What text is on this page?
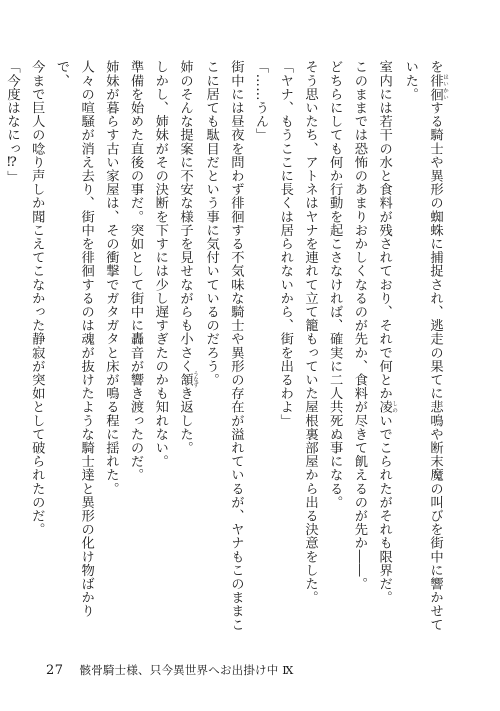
を徘徊 はいかいする騎士や異形の蜘蛛に捕捉され、逃走の果てに悲鳴や断末魔の叫びを街中に響かせていた。

室内には若干の水と食料が残されており、それで何とか凌 しのいでこられたがそれも限界だ。

このままでは恐怖のあまりおかしくなるのが先か、食料が尽きて飢えるのが先か――。

どちらにしても何か行動を起こさなければ、確実に二人共死ぬ事になる。

そう思いたち、アトネはヤナを連れて立て籠もっていた屋根裏部屋から出る決意をした。

「ヤナ、もうここに長くは居られないから、街を出るわよ」

「……うん」

街中には昼夜を問わず徘徊する不気味な騎士や異形の存在が溢れているが、ヤナもこのままこ

こに居ても駄目だという事に気付いているのだろう。

姉のそんな提案に不安な様子を見せながらも小さく頷 うなずき返した。

しかし、姉妹がその決断を下すには少し遅すぎたのかも知れない。

準備を始めた直後の事だ。突如として街中に轟音が響き渡ったのだ。

姉妹が暮らす古い家屋は、その衝撃でガタガタと床が鳴る程に揺れた。

人々の喧騒が消え去り、街中を徘徊するのは魂が抜けたような騎士達と異形の化け物ばかりで、

今まで巨人の唸り声しか聞こえてこなかった静寂が突如として破られたのだ。

「今度はなにっ⁉」

27 骸骨騎士様、只今異世界へお出掛け中 Ⅸ
